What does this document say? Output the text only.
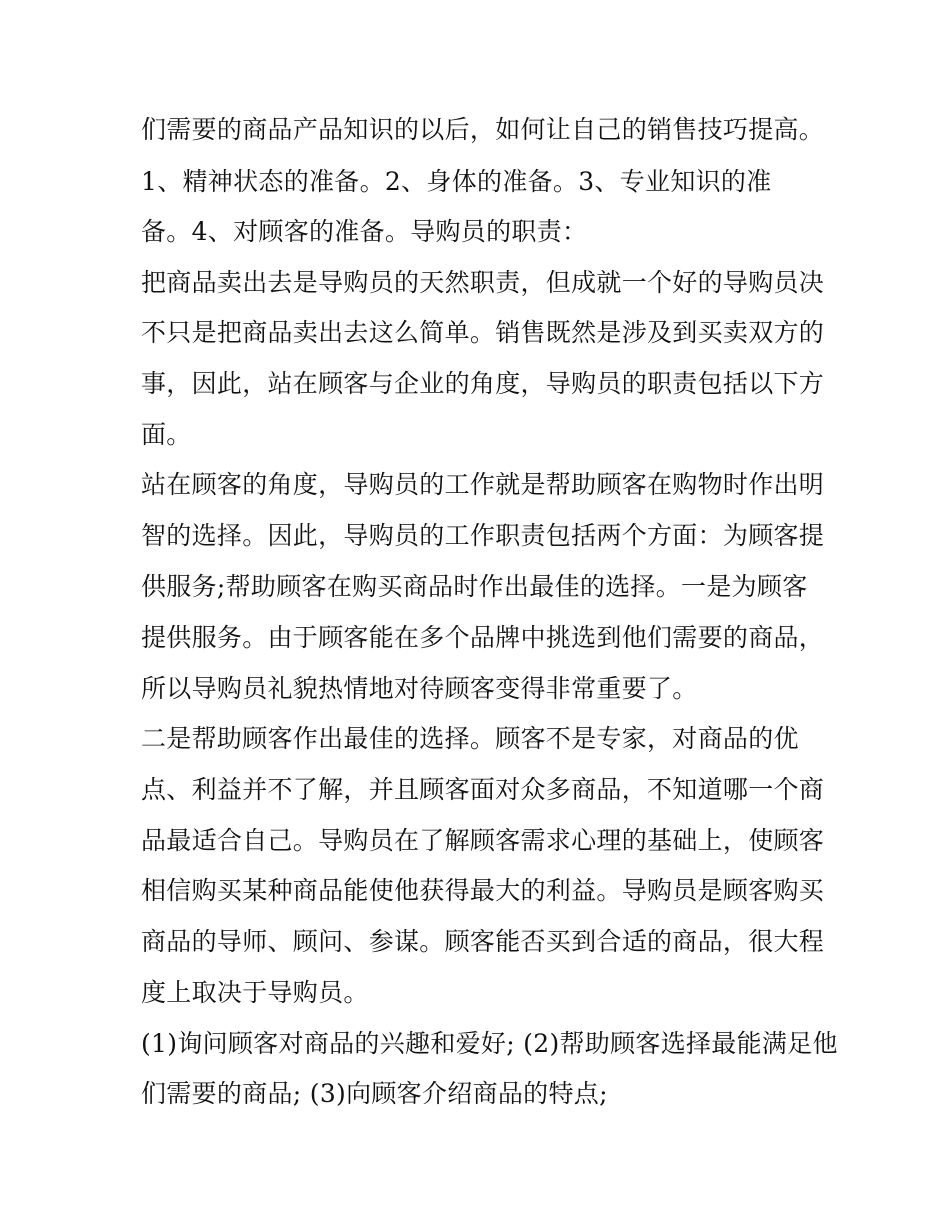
们需要的商品产品知识的以后，如何让自己的销售技巧提高。
1、精神状态的准备。2、身体的准备。3、专业知识的准
备。4、对顾客的准备。导购员的职责：
把商品卖出去是导购员的天然职责，但成就一个好的导购员决
不只是把商品卖出去这么简单。销售既然是涉及到买卖双方的
事，因此，站在顾客与企业的角度，导购员的职责包括以下方
面。
站在顾客的角度，导购员的工作就是帮助顾客在购物时作出明
智的选择。因此，导购员的工作职责包括两个方面：为顾客提
供服务;帮助顾客在购买商品时作出最佳的选择。一是为顾客
提供服务。由于顾客能在多个品牌中挑选到他们需要的商品，
所以导购员礼貌热情地对待顾客变得非常重要了。
二是帮助顾客作出最佳的选择。顾客不是专家，对商品的优
点、利益并不了解，并且顾客面对众多商品，不知道哪一个商
品最适合自己。导购员在了解顾客需求心理的基础上，使顾客
相信购买某种商品能使他获得最大的利益。导购员是顾客购买
商品的导师、顾问、参谋。顾客能否买到合适的商品，很大程
度上取决于导购员。
(1)询问顾客对商品的兴趣和爱好; (2)帮助顾客选择最能满足他
们需要的商品; (3)向顾客介绍商品的特点;
